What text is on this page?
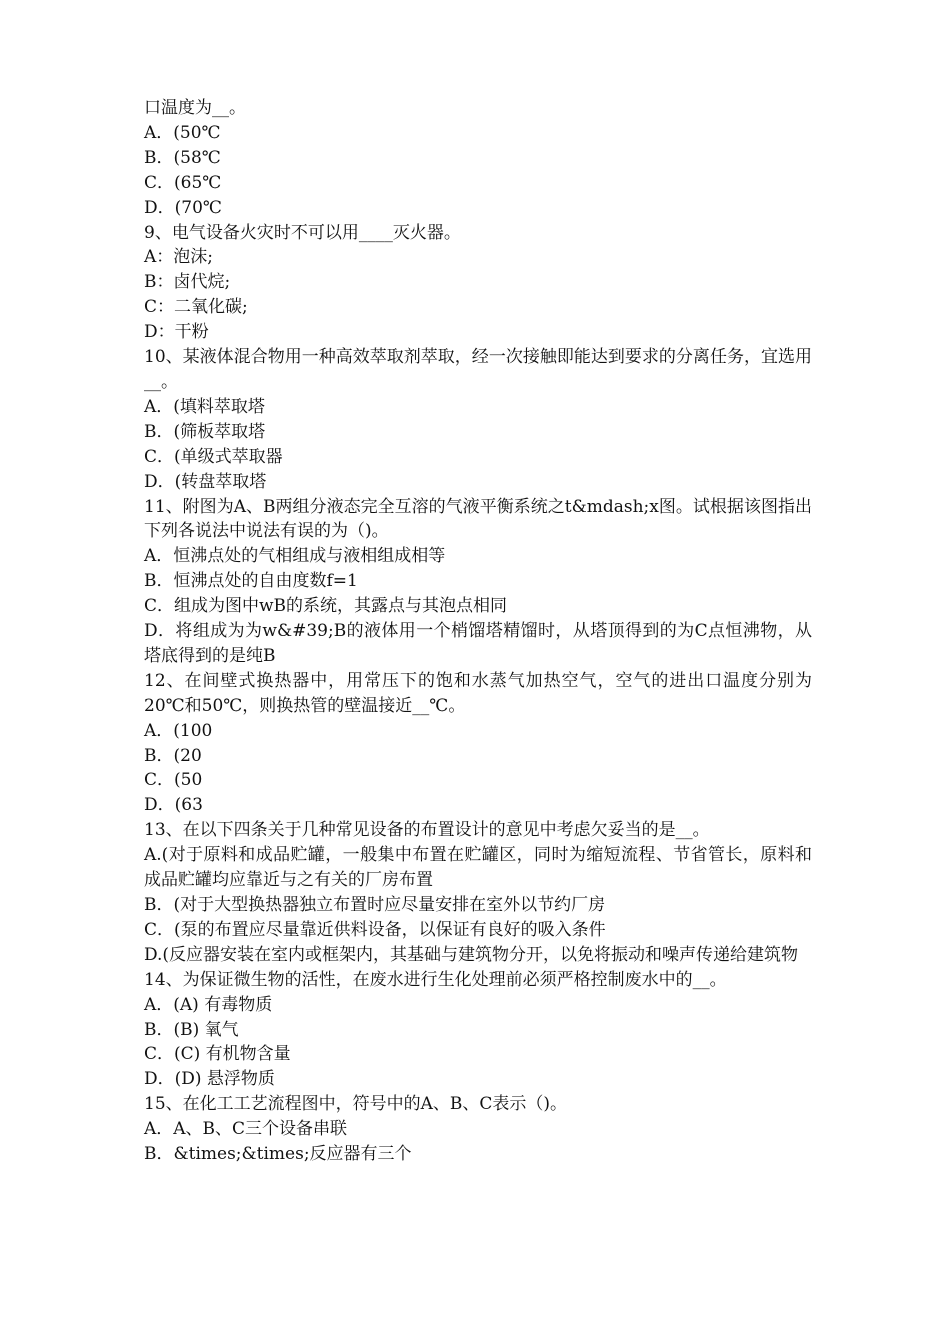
口温度为__。

A．(50℃

B．(58℃

C．(65℃

D．(70℃

9、电气设备火灾时不可以用____灭火器。

A：泡沫;

B：卤代烷;

C：二氧化碳;

D：干粉

10、某液体混合物用一种高效萃取剂萃取，经一次接触即能达到要求的分离任务，宜选用__。

A．(填料萃取塔

B．(筛板萃取塔

C．(单级式萃取器

D．(转盘萃取塔

11、附图为A、B两组分液态完全互溶的气液平衡系统之t&mdash;x图。试根据该图指出下列各说法中说法有误的为（)。

A．恒沸点处的气相组成与液相组成相等

B．恒沸点处的自由度数f=1

C．组成为图中wB的系统，其露点与其泡点相同

D．将组成为为w&#39;B的液体用一个梢馏塔精馏时，从塔顶得到的为C点恒沸物，从塔底得到的是纯B

12、在间壁式换热器中，用常压下的饱和水蒸气加热空气，空气的进出口温度分别为20℃和50℃，则换热管的壁温接近__℃。

A．(100

B．(20

C．(50

D．(63

13、在以下四条关于几种常见设备的布置设计的意见中考虑欠妥当的是__。

A.(对于原料和成品贮罐，一般集中布置在贮罐区，同时为缩短流程、节省管长，原料和成品贮罐均应靠近与之有关的厂房布置

B．(对于大型换热器独立布置时应尽量安排在室外以节约厂房

C．(泵的布置应尽量靠近供料设备，以保证有良好的吸入条件

D.(反应器安装在室内或框架内，其基础与建筑物分开，以免将振动和噪声传递给建筑物

14、为保证微生物的活性，在废水进行生化处理前必须严格控制废水中的__。

A．(A) 有毒物质

B．(B) 氧气

C．(C) 有机物含量

D．(D) 悬浮物质

15、在化工工艺流程图中，符号中的A、B、C表示（)。

A．A、B、C三个设备串联

B．&times;&times;反应器有三个
